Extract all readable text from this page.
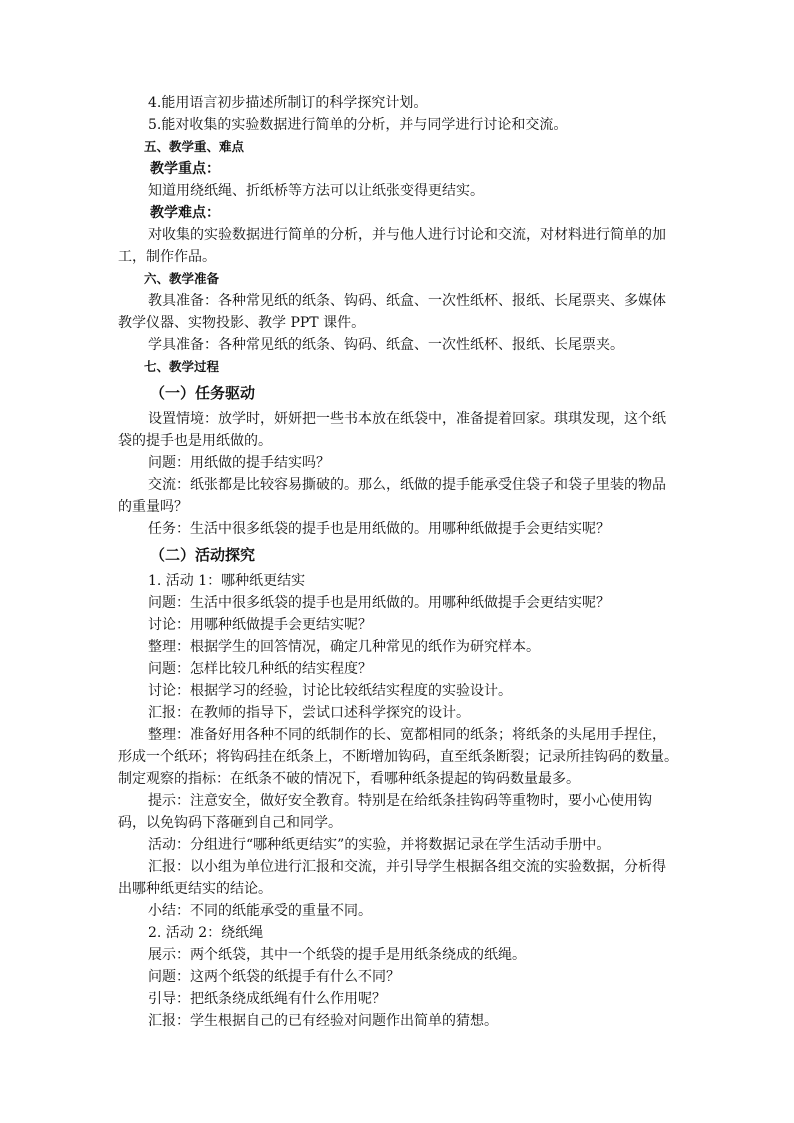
4.能用语言初步描述所制订的科学探究计划。

5.能对收集的实验数据进行简单的分析，并与同学进行讨论和交流。

五、教学重、难点

教学重点：

知道用绕纸绳、折纸桥等方法可以让纸张变得更结实。

教学难点：

对收集的实验数据进行简单的分析，并与他人进行讨论和交流，对材料进行简单的加工，制作作品。

六、教学准备

教具准备：各种常见纸的纸条、钩码、纸盒、一次性纸杯、报纸、长尾票夹、多媒体教学仪器、实物投影、教学 PPT 课件。

学具准备：各种常见纸的纸条、钩码、纸盒、一次性纸杯、报纸、长尾票夹。

七、教学过程

（一）任务驱动

设置情境：放学时，妍妍把一些书本放在纸袋中，准备提着回家。琪琪发现，这个纸袋的提手也是用纸做的。

问题：用纸做的提手结实吗？

交流：纸张都是比较容易撕破的。那么，纸做的提手能承受住袋子和袋子里装的物品的重量吗？

任务：生活中很多纸袋的提手也是用纸做的。用哪种纸做提手会更结实呢？

（二）活动探究

1. 活动 1：哪种纸更结实

问题：生活中很多纸袋的提手也是用纸做的。用哪种纸做提手会更结实呢？

讨论：用哪种纸做提手会更结实呢？

整理：根据学生的回答情况，确定几种常见的纸作为研究样本。

问题：怎样比较几种纸的结实程度？

讨论：根据学习的经验，讨论比较纸结实程度的实验设计。

汇报：在教师的指导下，尝试口述科学探究的设计。

整理：准备好用各种不同的纸制作的长、宽都相同的纸条；将纸条的头尾用手捏住，形成一个纸环；将钩码挂在纸条上，不断增加钩码，直至纸条断裂；记录所挂钩码的数量。制定观察的指标：在纸条不破的情况下，看哪种纸条提起的钩码数量最多。

提示：注意安全，做好安全教育。特别是在给纸条挂钩码等重物时，要小心使用钩码，以免钩码下落砸到自己和同学。

活动：分组进行“哪种纸更结实”的实验，并将数据记录在学生活动手册中。

汇报：以小组为单位进行汇报和交流，并引导学生根据各组交流的实验数据，分析得出哪种纸更结实的结论。

小结：不同的纸能承受的重量不同。

2. 活动 2：绕纸绳

展示：两个纸袋，其中一个纸袋的提手是用纸条绕成的纸绳。

问题：这两个纸袋的纸提手有什么不同？

引导：把纸条绕成纸绳有什么作用呢？

汇报：学生根据自己的已有经验对问题作出简单的猜想。
